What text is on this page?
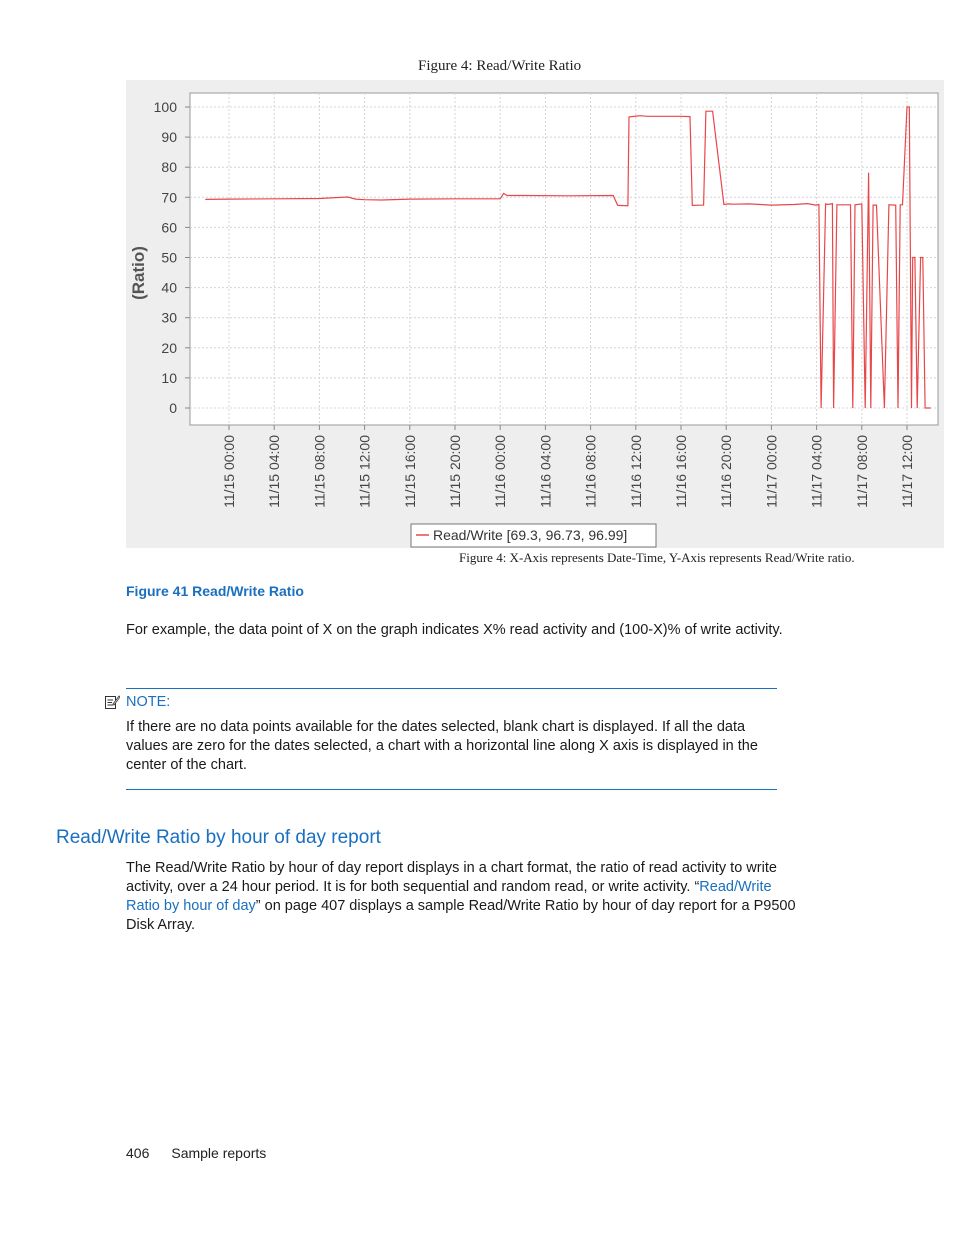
Figure 4: Read/Write Ratio
100
90
80
70
60
50
40
30
20
10
0
11/15 00:00 11/15 04:00 11/15 08:00 11/15 12:00 11/15 16:00 11/15 20:00 11/16 00:00 11/16 04:00 11/16 08:00 11/16 12:00 11/16 16:00 11/16 20:00 11/17 00:00 11/17 04:00 11/17 08:00 11/17 12:00
(Ratio)
Read/Write [69.3, 96.73, 96.99]
Figure 4: X-Axis represents Date-Time, Y-Axis represents Read/Write ratio.
Figure 41 Read/Write Ratio
For example, the data point of X on the graph indicates X% read activity and (100-X)% of write activity.
NOTE:
If there are no data points available for the dates selected, blank chart is displayed. If all the data values are zero for the dates selected, a chart with a horizontal line along X axis is displayed in the center of the chart.
Read/Write Ratio by hour of day report
The Read/Write Ratio by hour of day report displays in a chart format, the ratio of read activity to write activity, over a 24 hour period. It is for both sequential and random read, or write activity. “Read/Write Ratio by hour of day” on page 407 displays a sample Read/Write Ratio by hour of day report for a P9500 Disk Array.
406 Sample reports
